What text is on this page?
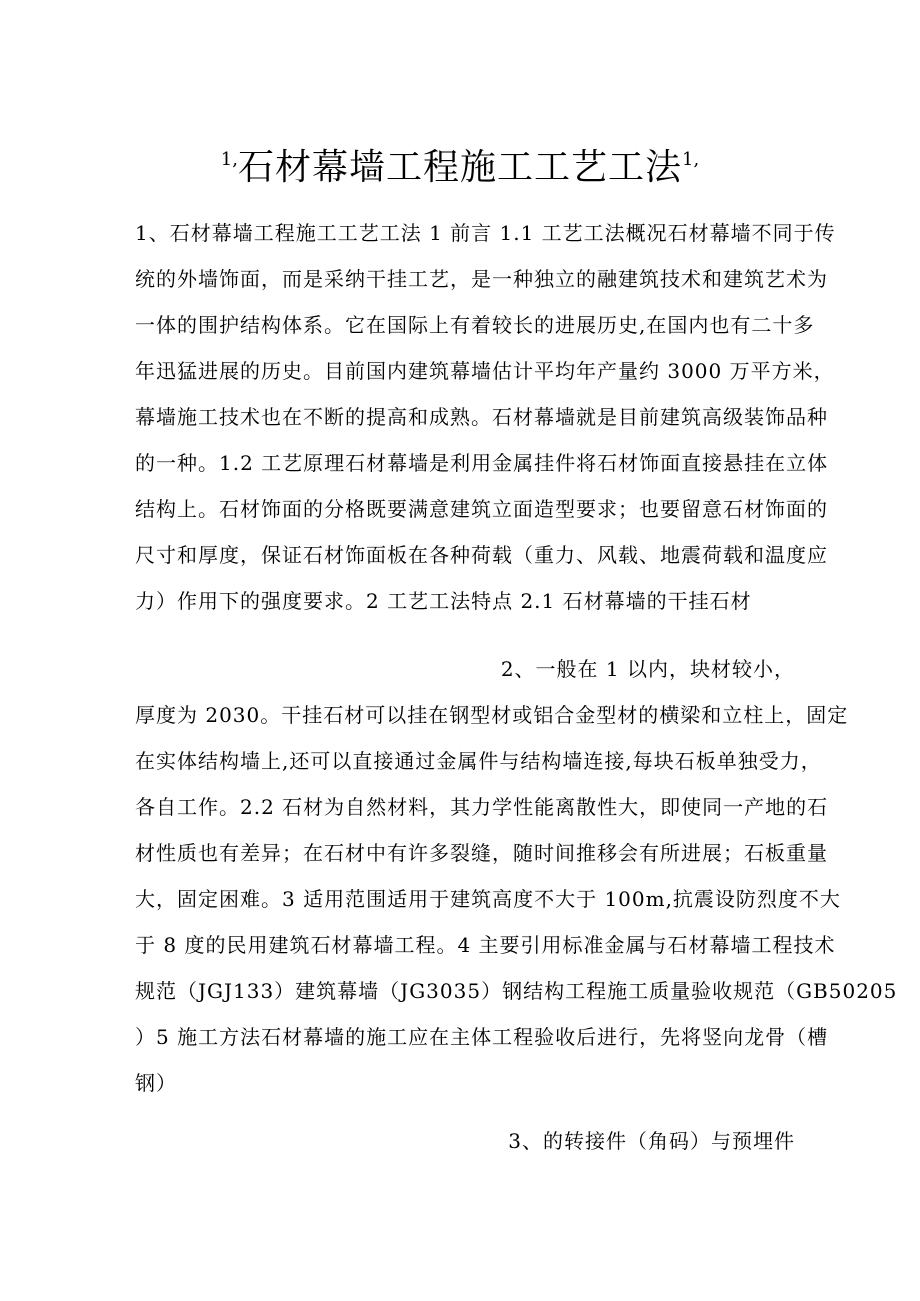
$^{1,}$石材幕墙工程施工工艺工法$^{1,}$
1、石材幕墙工程施工工艺工法 1 前言 1.1 工艺工法概况石材幕墙不同于传
统的外墙饰面，而是采纳干挂工艺，是一种独立的融建筑技术和建筑艺术为
一体的围护结构体系。它在国际上有着较长的进展历史,在国内也有二十多
年迅猛进展的历史。目前国内建筑幕墙估计平均年产量约 3000 万平方米，
幕墙施工技术也在不断的提高和成熟。石材幕墙就是目前建筑高级装饰品种
的一种。1.2 工艺原理石材幕墙是利用金属挂件将石材饰面直接悬挂在立体
结构上。石材饰面的分格既要满意建筑立面造型要求；也要留意石材饰面的
尺寸和厚度，保证石材饰面板在各种荷载（重力、风载、地震荷载和温度应
力）作用下的强度要求。2 工艺工法特点 2.1 石材幕墙的干挂石材
2、一般在 1 以内，块材较小，
厚度为 2030。干挂石材可以挂在钢型材或铝合金型材的横梁和立柱上，固定
在实体结构墙上,还可以直接通过金属件与结构墙连接,每块石板单独受力，
各自工作。2.2 石材为自然材料，其力学性能离散性大，即使同一产地的石
材性质也有差异；在石材中有许多裂缝，随时间推移会有所进展；石板重量
大，固定困难。3 适用范围适用于建筑高度不大于 100m,抗震设防烈度不大
于 8 度的民用建筑石材幕墙工程。4 主要引用标准金属与石材幕墙工程技术
规范（JGJ133）建筑幕墙（JG3035）钢结构工程施工质量验收规范（GB50205
）5 施工方法石材幕墙的施工应在主体工程验收后进行，先将竖向龙骨（槽
钢）
3、的转接件（角码）与预埋件
